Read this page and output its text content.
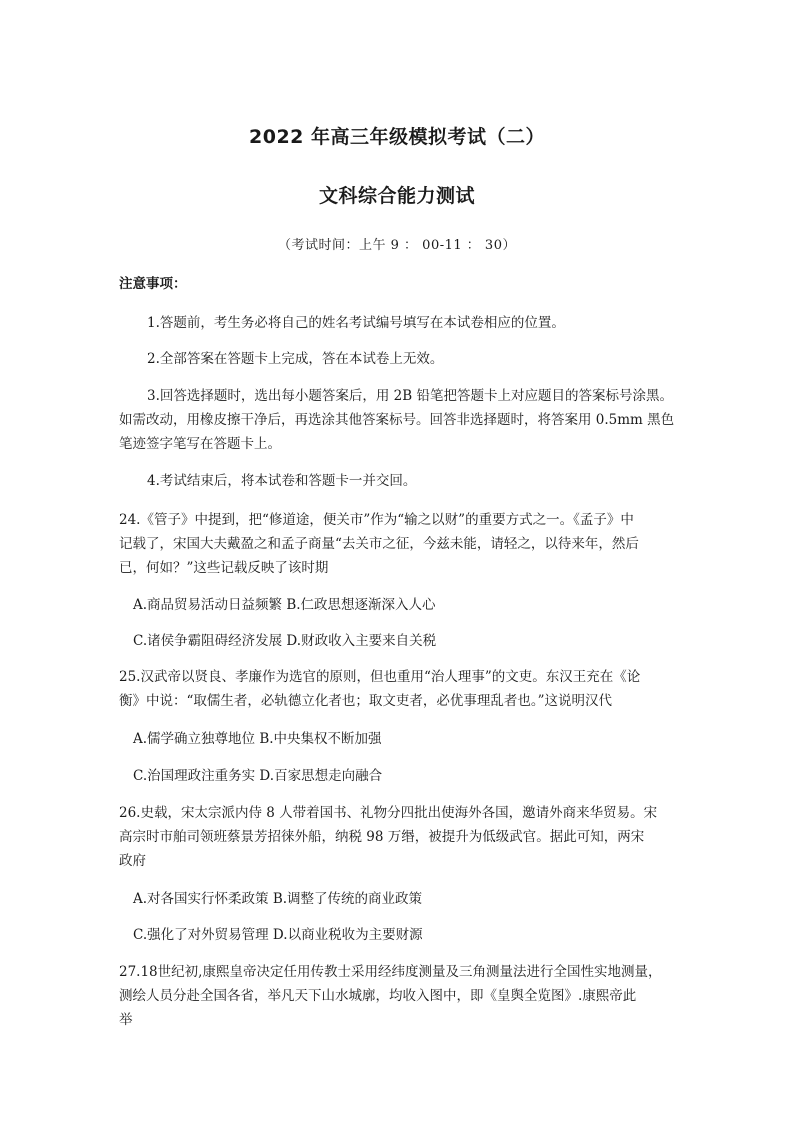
2022 年高三年级模拟考试（二）
文科综合能力测试
（考试时间：上午 9 ： 00-11 ： 30）
注意事项：
1.答题前，考生务必将自己的姓名考试编号填写在本试卷相应的位置。
2.全部答案在答题卡上完成，答在本试卷上无效。
3.回答选择题时，选出每小题答案后，用 2B 铅笔把答题卡上对应题目的答案标号涂黑。
如需改动，用橡皮擦干净后，再选涂其他答案标号。回答非选择题时，将答案用 0.5mm 黑色
笔迹签字笔写在答题卡上。
4.考试结束后，将本试卷和答题卡一并交回。
24.《管子》中提到，把“修道途，便关市”作为“输之以财”的重要方式之一。《孟子》中
记载了，宋国大夫戴盈之和孟子商量“去关市之征，今兹未能，请轻之，以待来年，然后
已，何如？”这些记载反映了该时期
A.商品贸易活动日益频繁 B.仁政思想逐渐深入人心
C.诸侯争霸阻碍经济发展 D.财政收入主要来自关税
25.汉武帝以贤良、孝廉作为选官的原则，但也重用“治人理事”的文吏。东汉王充在《论
衡》中说：“取儒生者，必轨德立化者也；取文吏者，必优事理乱者也。”这说明汉代
A.儒学确立独尊地位 B.中央集权不断加强
C.治国理政注重务实 D.百家思想走向融合
26.史载，宋太宗派内侍 8 人带着国书、礼物分四批出使海外各国，邀请外商来华贸易。宋
高宗时市舶司领班蔡景芳招徕外船，纳税 98 万缗，被提升为低级武官。据此可知，两宋
政府
A.对各国实行怀柔政策 B.调整了传统的商业政策
C.强化了对外贸易管理 D.以商业税收为主要财源
27.18世纪初,康熙皇帝决定任用传教士采用经纬度测量及三角测量法进行全国性实地测量，
测绘人员分赴全国各省，举凡天下山水城廓，均收入图中，即《皇舆全览图》.康熙帝此
举
